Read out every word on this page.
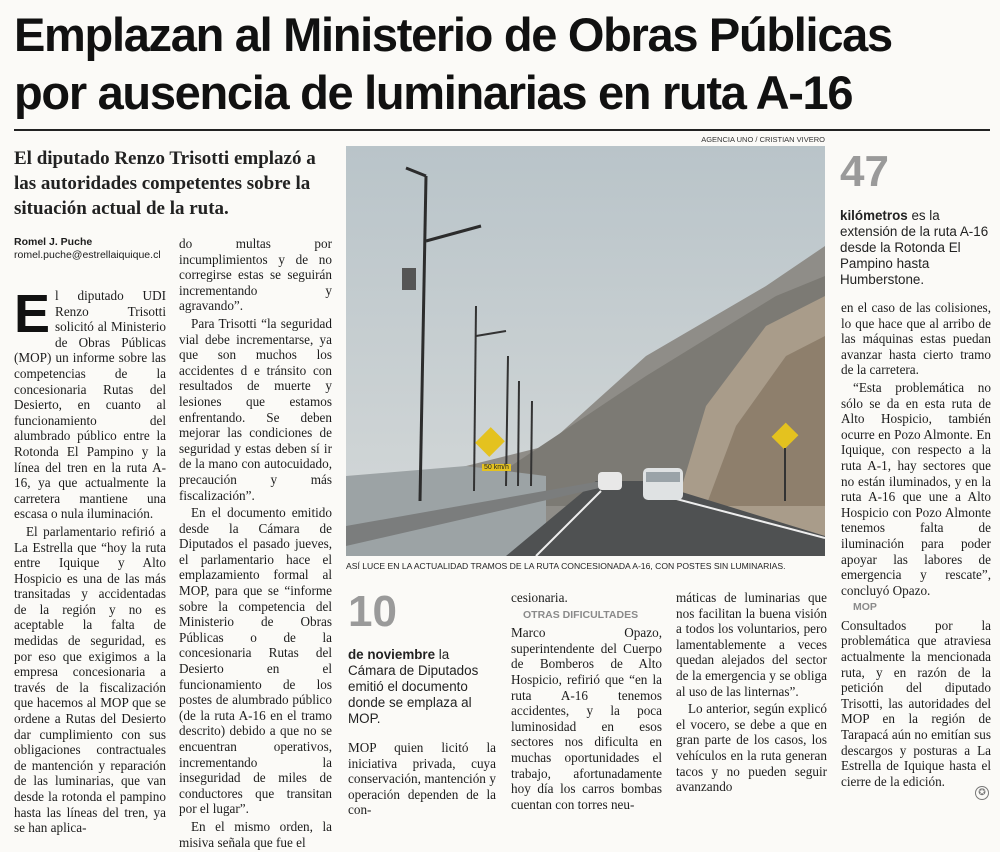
Emplazan al Ministerio de Obras Públicas
por ausencia de luminarias en ruta A-16
El diputado Renzo Trisotti emplazó a las autoridades competentes sobre la situación actual de la ruta.
Romel J. Puche
romel.puche@estrellaiquique.cl

El diputado UDI Renzo Trisotti solicitó al Ministerio de Obras Públicas (MOP) un informe sobre las competencias de la concesionaria Rutas del Desierto, en cuanto al funcionamiento del alumbrado público entre la Rotonda El Pampino y la línea del tren en la ruta A-16, ya que actualmente la carretera mantiene una escasa o nula iluminación.

El parlamentario refirió a La Estrella que “hoy la ruta entre Iquique y Alto Hospicio es una de las más transitadas y accidentadas de la región y no es aceptable la falta de medidas de seguridad, es por eso que exigimos a la empresa concesionaria a través de la fiscalización que hacemos al MOP que se ordene a Rutas del Desierto dar cumplimiento con sus obligaciones contractuales de mantención y reparación de las luminarias, que van desde la rotonda el pampino hasta las líneas del tren, ya se han aplica-

do multas por incumplimientos y de no corregirse estas se seguirán incrementando y agravando”.

Para Trisotti “la seguridad vial debe incrementarse, ya que son muchos los accidentes d e tránsito con resultados de muerte y lesiones que estamos enfrentando. Se deben mejorar las condiciones de seguridad y estas deben sí ir de la mano con autocuidado, precaución y más fiscalización”.

En el documento emitido desde la Cámara de Diputados el pasado jueves, el parlamentario hace el emplazamiento formal al MOP, para que se “informe sobre la competencia del Ministerio de Obras Públicas o de la concesionaria Rutas del Desierto en el funcionamiento de los postes de alumbrado público (de la ruta A-16 en el tramo descrito) debido a que no se encuentran operativos, incrementando la inseguridad de miles de conductores que transitan por el lugar”.

En el mismo orden, la misiva señala que fue el

AGENCIA UNO / CRISTIAN VIVERO
50 km/h
ASÍ LUCE EN LA ACTUALIDAD TRAMOS DE LA RUTA CONCESIONADA A-16, CON POSTES SIN LUMINARIAS.
47
kilómetros es la extensión de la ruta A-16 desde la Rotonda El Pampino hasta Humberstone.
10
de noviembre la Cámara de Diputados emitió el documento donde se emplaza al MOP.

MOP quien licitó la iniciativa privada, cuya conservación, mantención y operación dependen de la con-

cesionaria.

OTRAS DIFICULTADES

Marco Opazo, superintendente del Cuerpo de Bomberos de Alto Hospicio, refirió que “en la ruta A-16 tenemos accidentes, y la poca luminosidad en esos sectores nos dificulta en muchas oportunidades el trabajo, afortunadamente hoy día los carros bombas cuentan con torres neu-

máticas de luminarias que nos facilitan la buena visión a todos los voluntarios, pero lamentablemente a veces quedan alejados del sector de la emergencia y se obliga al uso de las linternas”.

Lo anterior, según explicó el vocero, se debe a que en gran parte de los casos, los vehículos en la ruta generan tacos y no pueden seguir avanzando

en el caso de las colisiones, lo que hace que al arribo de las máquinas estas puedan avanzar hasta cierto tramo de la carretera.

“Esta problemática no sólo se da en esta ruta de Alto Hospicio, también ocurre en Pozo Almonte. En Iquique, con respecto a la ruta A-1, hay sectores que no están iluminados, y en la ruta A-16 que une a Alto Hospicio con Pozo Almonte tenemos falta de iluminación para poder apoyar las labores de emergencia y rescate”, concluyó Opazo.

MOP

Consultados por la problemática que atraviesa actualmente la mencionada ruta, y en razón de la petición del diputado Trisotti, las autoridades del MOP en la región de Tarapacá aún no emitían sus descargos y posturas a La Estrella de Iquique hasta el cierre de la edición.

✪
